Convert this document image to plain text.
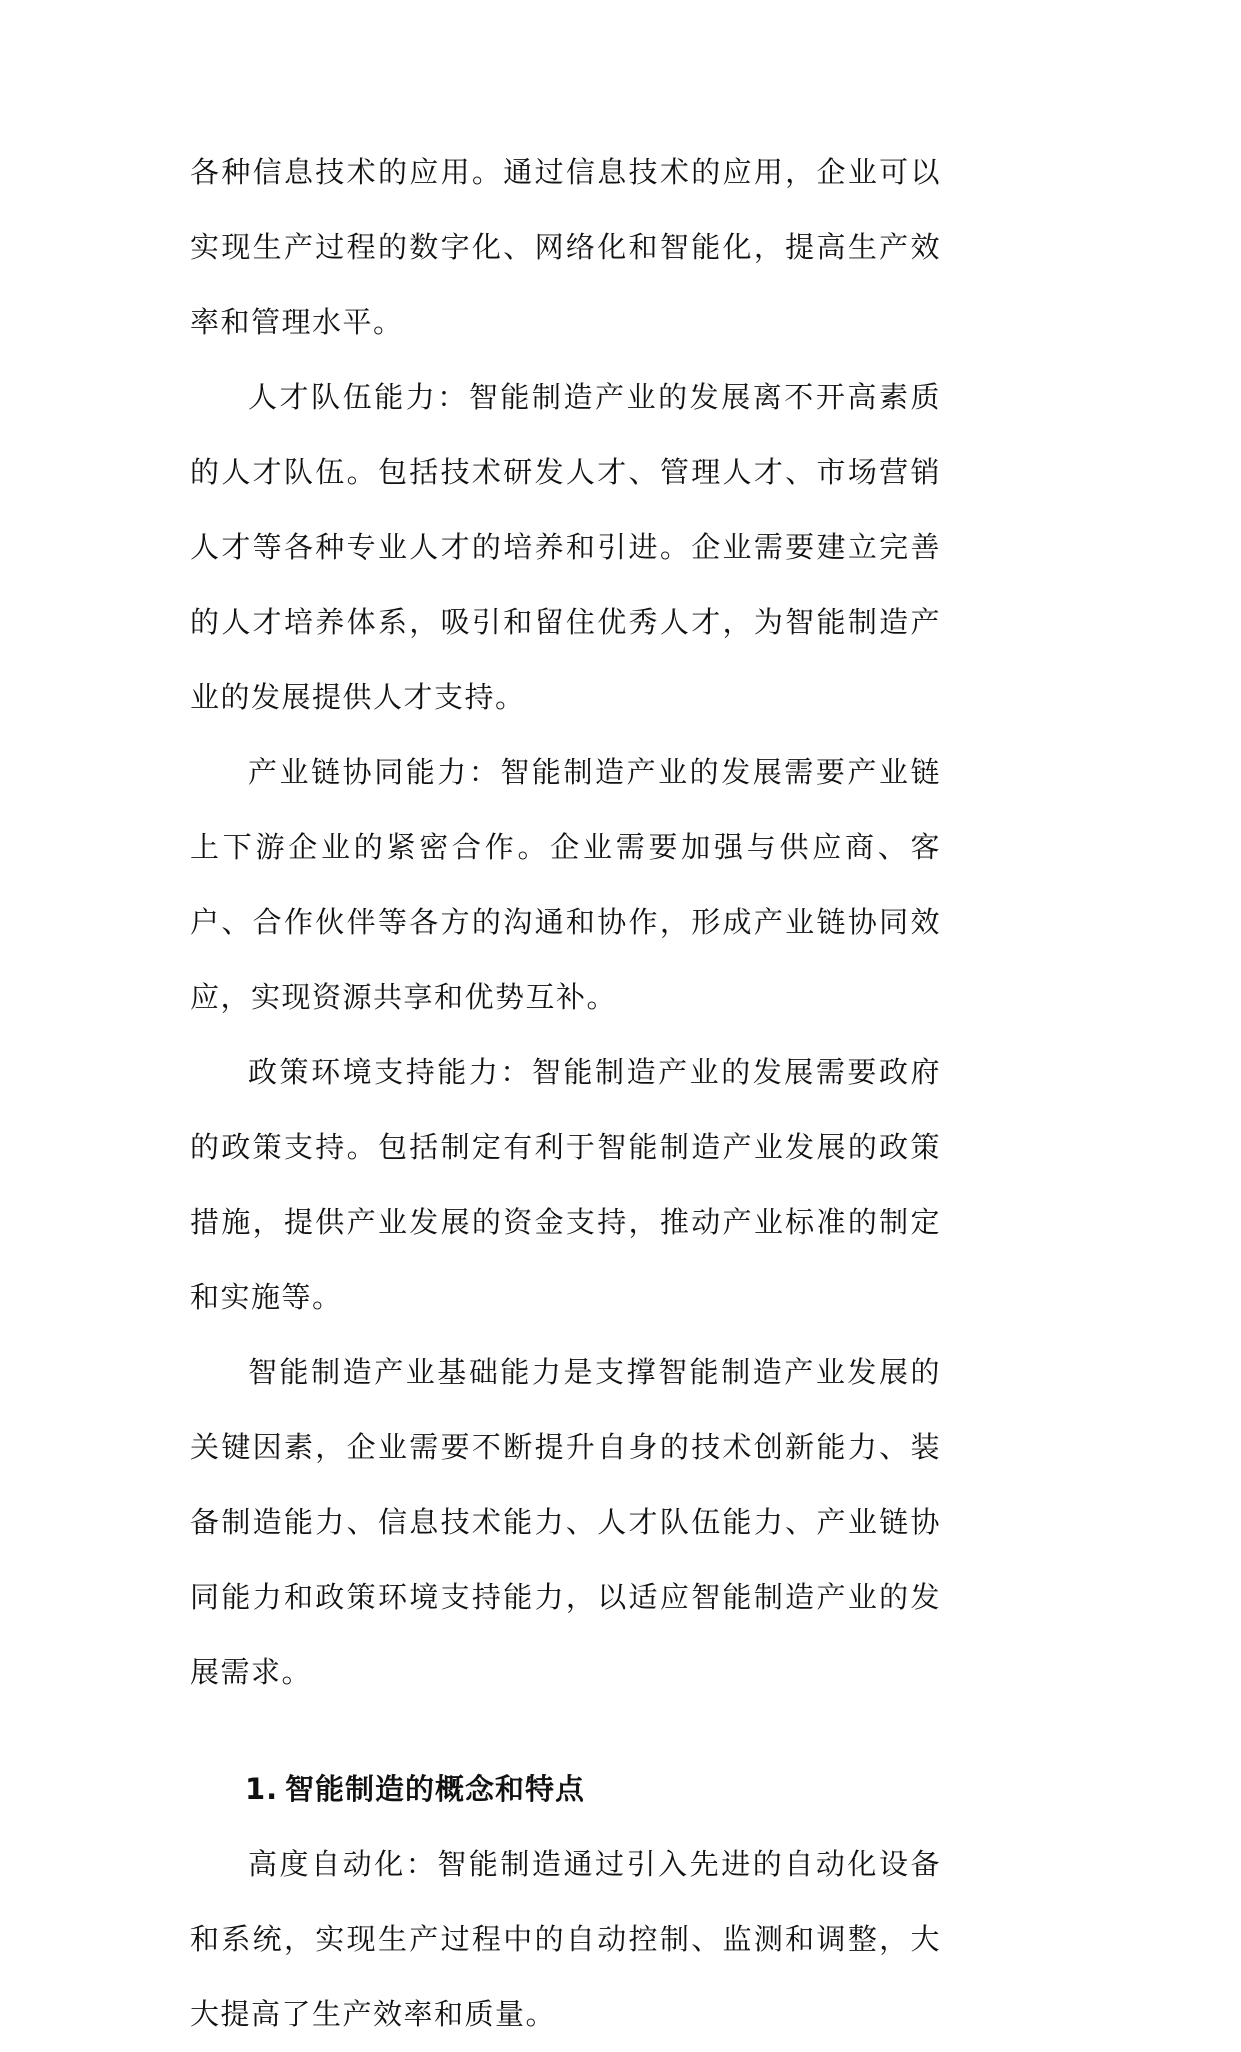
各种信息技术的应用。通过信息技术的应用，企业可以实现生产过程的数字化、网络化和智能化，提高生产效率和管理水平。

人才队伍能力：智能制造产业的发展离不开高素质的人才队伍。包括技术研发人才、管理人才、市场营销人才等各种专业人才的培养和引进。企业需要建立完善的人才培养体系，吸引和留住优秀人才，为智能制造产业的发展提供人才支持。

产业链协同能力：智能制造产业的发展需要产业链上下游企业的紧密合作。企业需要加强与供应商、客户、合作伙伴等各方的沟通和协作，形成产业链协同效应，实现资源共享和优势互补。

政策环境支持能力：智能制造产业的发展需要政府的政策支持。包括制定有利于智能制造产业发展的政策措施，提供产业发展的资金支持，推动产业标准的制定和实施等。

智能制造产业基础能力是支撑智能制造产业发展的关键因素，企业需要不断提升自身的技术创新能力、装备制造能力、信息技术能力、人才队伍能力、产业链协同能力和政策环境支持能力，以适应智能制造产业的发展需求。

1. 智能制造的概念和特点

高度自动化：智能制造通过引入先进的自动化设备和系统，实现生产过程中的自动控制、监测和调整，大大提高了生产效率和质量。
